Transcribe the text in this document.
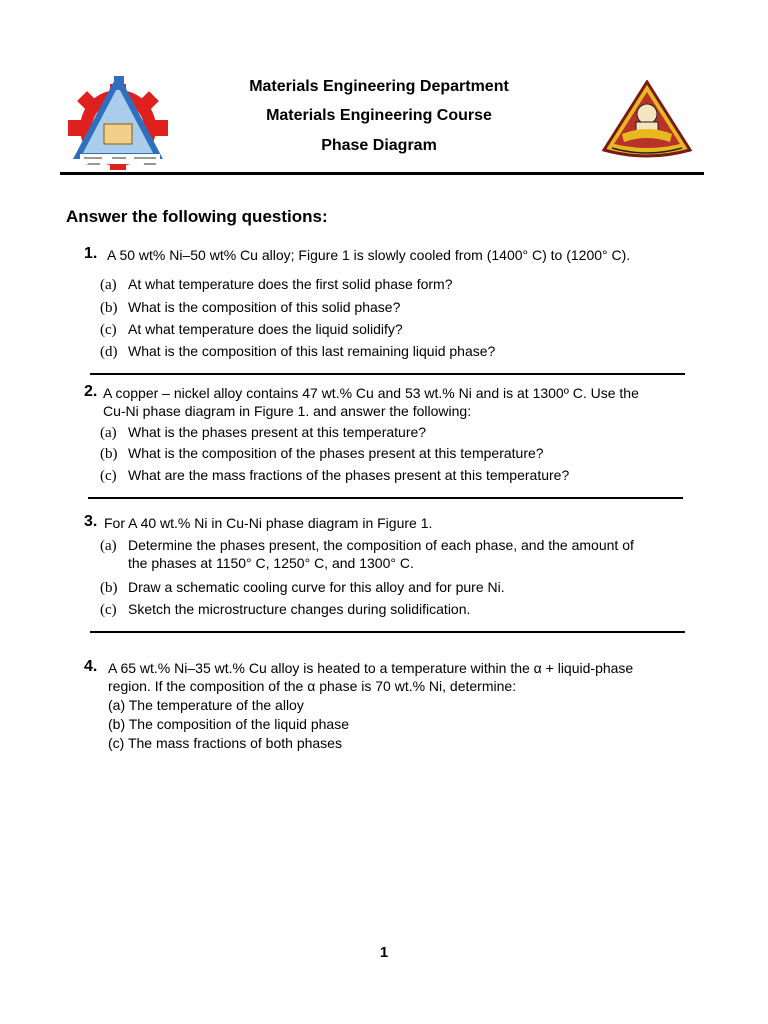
Materials Engineering Department
Materials Engineering Course
Phase Diagram
Answer the following questions:
1. A 50 wt% Ni–50 wt% Cu alloy; Figure 1 is slowly cooled from (1400° C) to (1200° C).
(a) At what temperature does the first solid phase form?
(b) What is the composition of this solid phase?
(c) At what temperature does the liquid solidify?
(d) What is the composition of this last remaining liquid phase?
2. A copper – nickel alloy contains 47 wt.% Cu and 53 wt.% Ni and is at 1300º C. Use the
Cu-Ni phase diagram in Figure 1. and answer the following:
(a) What is the phases present at this temperature?
(b) What is the composition of the phases present at this temperature?
(c) What are the mass fractions of the phases present at this temperature?
3. For A 40 wt.% Ni in Cu-Ni phase diagram in Figure 1.
(a) Determine the phases present, the composition of each phase, and the amount of
the phases at 1150° C, 1250° C, and 1300° C.
(b) Draw a schematic cooling curve for this alloy and for pure Ni.
(c) Sketch the microstructure changes during solidification.
4. A 65 wt.% Ni–35 wt.% Cu alloy is heated to a temperature within the α + liquid-phase
region. If the composition of the α phase is 70 wt.% Ni, determine:
(a) The temperature of the alloy
(b) The composition of the liquid phase
(c) The mass fractions of both phases
1
